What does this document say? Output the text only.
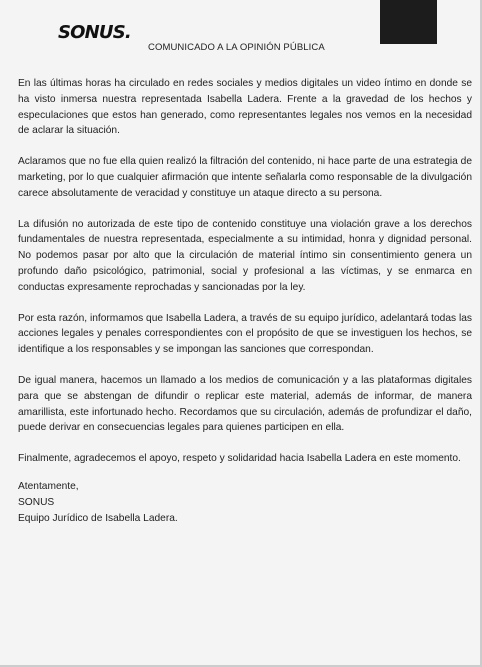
SONUS.
COMUNICADO A LA OPINIÓN PÚBLICA

En las últimas horas ha circulado en redes sociales y medios digitales un video íntimo en donde se ha visto inmersa nuestra representada Isabella Ladera. Frente a la gravedad de los hechos y especulaciones que estos han generado, como representantes legales nos vemos en la necesidad de aclarar la situación.

Aclaramos que no fue ella quien realizó la filtración del contenido, ni hace parte de una estrategia de marketing, por lo que cualquier afirmación que intente señalarla como responsable de la divulgación carece absolutamente de veracidad y constituye un ataque directo a su persona.

La difusión no autorizada de este tipo de contenido constituye una violación grave a los derechos fundamentales de nuestra representada, especialmente a su intimidad, honra y dignidad personal. No podemos pasar por alto que la circulación de material íntimo sin consentimiento genera un profundo daño psicológico, patrimonial, social y profesional a las víctimas, y se enmarca en conductas expresamente reprochadas y sancionadas por la ley.

Por esta razón, informamos que Isabella Ladera, a través de su equipo jurídico, adelantará todas las acciones legales y penales correspondientes con el propósito de que se investiguen los hechos, se identifique a los responsables y se impongan las sanciones que correspondan.

De igual manera, hacemos un llamado a los medios de comunicación y a las plataformas digitales para que se abstengan de difundir o replicar este material, además de informar, de manera amarillista, este infortunado hecho. Recordamos que su circulación, además de profundizar el daño, puede derivar en consecuencias legales para quienes participen en ella.

Finalmente, agradecemos el apoyo, respeto y solidaridad hacia Isabella Ladera en este momento.

Atentamente,

SONUS

Equipo Jurídico de Isabella Ladera.
